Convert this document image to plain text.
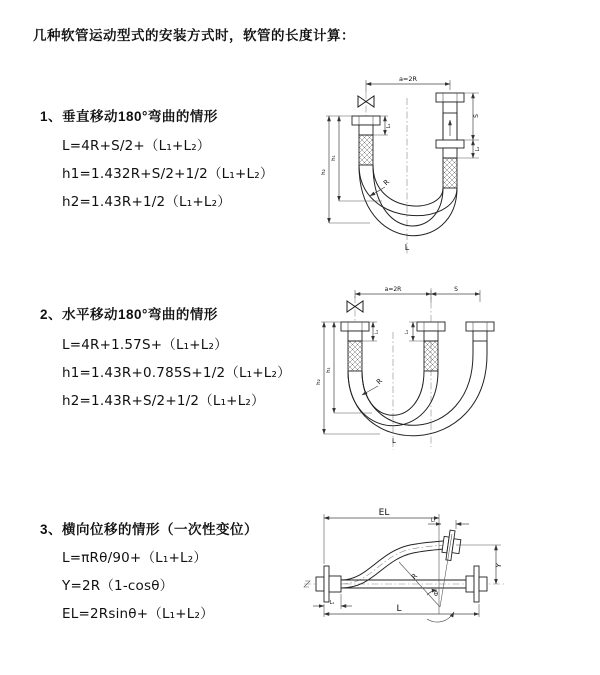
几种软管运动型式的安装方式时，软管的长度计算：
1、垂直移动180°弯曲的情形
L=4R+S/2+（L₁+L₂）
h1=1.432R+S/2+1/2（L₁+L₂）
h2=1.43R+1/2（L₁+L₂）
2、水平移动180°弯曲的情形
L=4R+1.57S+（L₁+L₂）
h1=1.43R+0.785S+1/2（L₁+L₂）
h2=1.43R+S/2+1/2（L₁+L₂）
3、横向位移的情形（一次性变位）
L=πRθ/90+（L₁+L₂）
Y=2R（1-cosθ）
EL=2Rsinθ+（L₁+L₂）
a=2R
L₁
S
L₂
h₁
h₂
R
L
a=2R	S
L₁	L₂
h₁
h₂	R
L
θ
R
EL
L₂
Y
L
L₁
